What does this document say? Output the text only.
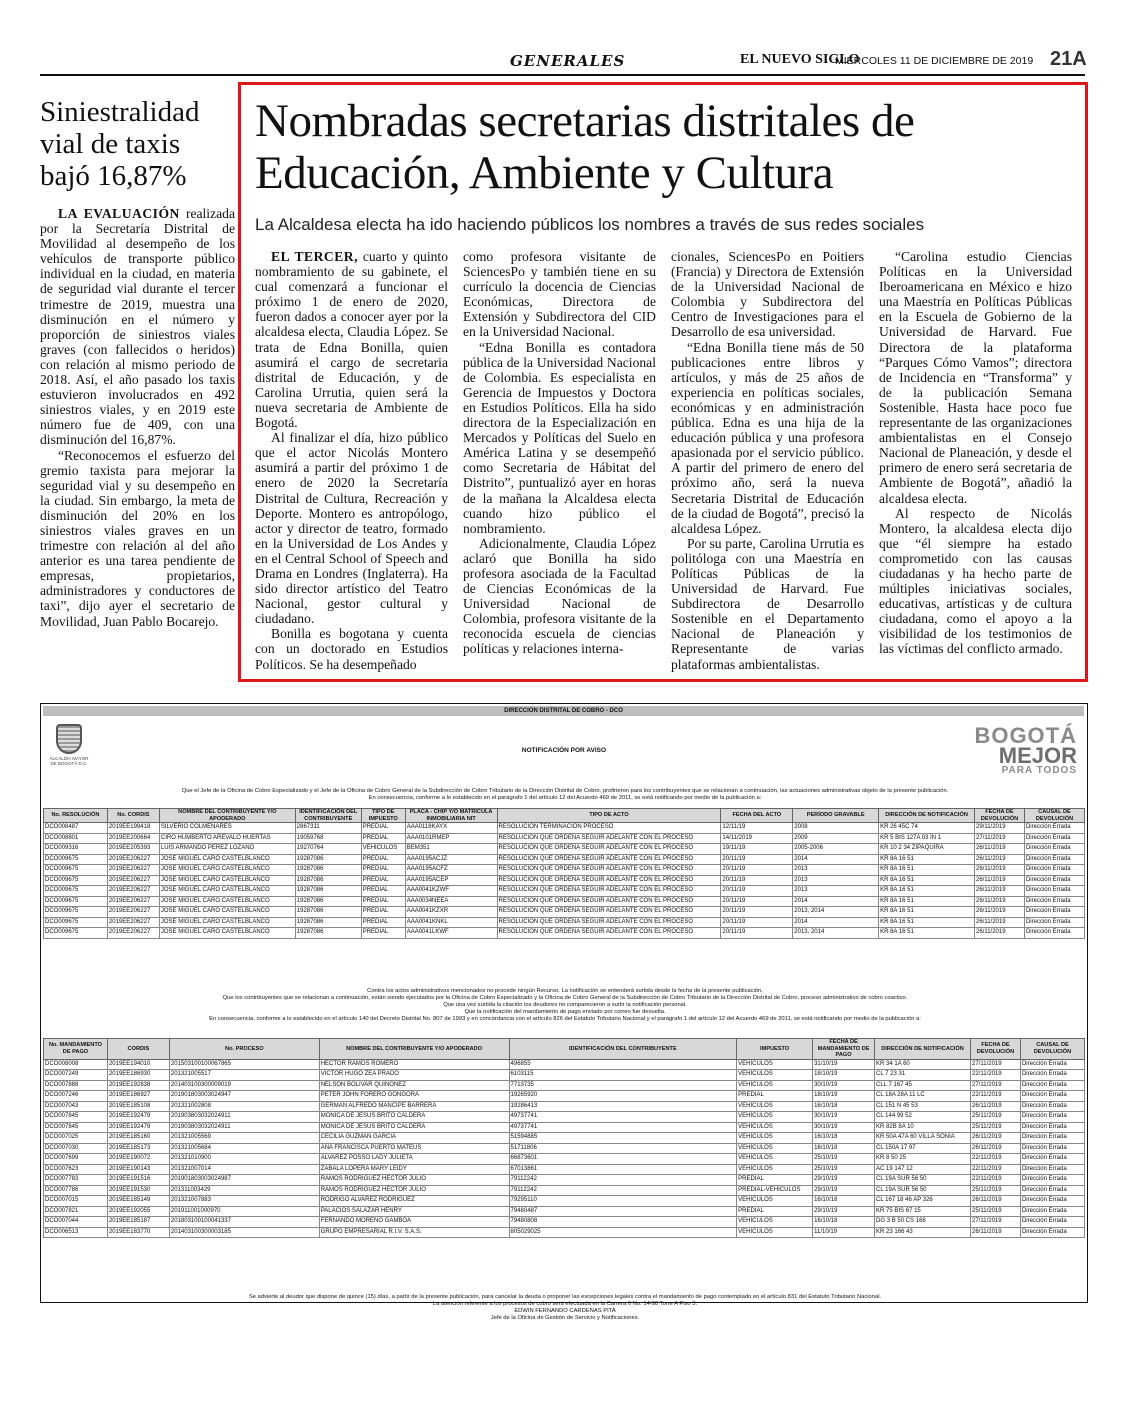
GENERALES	EL NUEVO SIGLO
MIÉRCOLES 11 DE DICIEMBRE DE 2019 21A
Siniestralidad vial de taxis bajó 16,87%

LA EVALUACIÓN realizada por la Secretaría Distrital de Movilidad al desempeño de los vehículos de transporte público individual en la ciudad, en materia de seguridad vial durante el tercer trimestre de 2019, muestra una disminución en el número y proporción de siniestros viales graves (con fallecidos o heridos) con relación al mismo periodo de 2018. Así, el año pasado los taxis estuvieron involucrados en 492 siniestros viales, y en 2019 este número fue de 409, con una disminución del 16,87%.

“Reconocemos el esfuerzo del gremio taxista para mejorar la seguridad vial y su desempeño en la ciudad. Sin embargo, la meta de disminución del 20% en los siniestros viales graves en un trimestre con relación al del año anterior es una tarea pendiente de empresas, propietarios, administradores y conductores de taxi”, dijo ayer el secretario de Movilidad, Juan Pablo Bocarejo.

Nombradas secretarias distritales de Educación, Ambiente y Cultura
La Alcaldesa electa ha ido haciendo públicos los nombres a través de sus redes sociales

EL TERCER, cuarto y quinto nombramiento de su gabinete, el cual comenzará a funcionar el próximo 1 de enero de 2020, fueron dados a conocer ayer por la alcaldesa electa, Claudia López. Se trata de Edna Bonilla, quien asumirá el cargo de secretaria distrital de Educación, y de Carolina Urrutia, quien será la nueva secretaria de Ambiente de Bogotá.

Al finalizar el día, hizo público que el actor Nicolás Montero asumirá a partir del próximo 1 de enero de 2020 la Secretaría Distrital de Cultura, Recreación y Deporte. Montero es antropólogo, actor y director de teatro, formado en la Universidad de Los Andes y en el Central School of Speech and Drama en Londres (Inglaterra). Ha sido director artístico del Teatro Nacional, gestor cultural y ciudadano.

Bonilla es bogotana y cuenta con un doctorado en Estudios Políticos. Se ha desempeñado

como profesora visitante de SciencesPo y también tiene en su currículo la docencia de Ciencias Económicas, Directora de Extensión y Subdirectora del CID en la Universidad Nacional.

“Edna Bonilla es contadora pública de la Universidad Nacional de Colombia. Es especialista en Gerencia de Impuestos y Doctora en Estudios Políticos. Ella ha sido directora de la Especialización en Mercados y Políticas del Suelo en América Latina y se desempeñó como Secretaria de Hábitat del Distrito”, puntualizó ayer en horas de la mañana la Alcaldesa electa cuando hizo público el nombramiento.

Adicionalmente, Claudia López aclaró que Bonilla ha sido profesora asociada de la Facultad de Ciencias Económicas de la Universidad Nacional de Colombia, profesora visitante de la reconocida escuela de ciencias políticas y relaciones interna-

cionales, SciencesPo en Poitiers (Francia) y Directora de Extensión de la Universidad Nacional de Colombia y Subdirectora del Centro de Investigaciones para el Desarrollo de esa universidad.

“Edna Bonilla tiene más de 50 publicaciones entre libros y artículos, y más de 25 años de experiencia en políticas sociales, económicas y en administración pública. Edna es una hija de la educación pública y una profesora apasionada por el servicio público. A partir del primero de enero del próximo año, será la nueva Secretaria Distrital de Educación de la ciudad de Bogotá”, precisó la alcaldesa López.

Por su parte, Carolina Urrutia es politóloga con una Maestría en Políticas Públicas de la Universidad de Harvard. Fue Subdirectora de Desarrollo Sostenible en el Departamento Nacional de Planeación y Representante de varias plataformas ambientalistas.

“Carolina estudio Ciencias Políticas en la Universidad Iberoamericana en México e hizo una Maestría en Políticas Públicas en la Escuela de Gobierno de la Universidad de Harvard. Fue Directora de la plataforma “Parques Cómo Vamos”; directora de Incidencia en “Transforma” y de la publicación Semana Sostenible. Hasta hace poco fue representante de las organizaciones ambientalistas en el Consejo Nacional de Planeación, y desde el primero de enero será secretaria de Ambiente de Bogotá”, añadió la alcaldesa electa.

Al respecto de Nicolás Montero, la alcaldesa electa dijo que “él siempre ha estado comprometido con las causas ciudadanas y ha hecho parte de múltiples iniciativas sociales, educativas, artísticas y de cultura ciudadana, como el apoyo a la visibilidad de los testimonios de las víctimas del conflicto armado.

DIRECCION DISTRITAL DE COBRO - DCO
ALCALDÍA MAYOR DE BOGOTÁ D.C.
NOTIFICACIÓN POR AVISO
BOGOTÁ
MEJOR
PARA TODOS
Que el Jefe de la Oficina de Cobro Especializado y el Jefe de la Oficina de Cobro General de la Subdirección de Cobro Tributario de la Dirección Distrital de Cobro, profirieron para los contribuyentes que se relacionan a continuación, las actuaciones administrativas objeto de la presente publicación.
En consecuencia, conforme a lo establecido en el parágrafo 1 del artículo 12 del Acuerdo 469 de 2011, se está notificando por medio de la publicación a:
No. RESOLUCIÓN	No. CORDIS	NOMBRE DEL CONTRIBUYENTE Y/O APODERADO	IDENTIFICACIÓN DEL CONTRIBUYENTE	TIPO DE IMPUESTO	PLACA - CHIP Y/O MATRICULA INMOBILIARIA NIT	TIPO DE ACTO	FECHA DEL ACTO	PERÍODO GRAVABLE	DIRECCIÓN DE NOTIFICACIÓN	FECHA DE DEVOLUCIÓN	CAUSAL DE DEVOLUCIÓN
DCO008487	2019EE199418	SILVERIO COLMENARES	2867311	PREDIAL	AAA0118KAYX	RESOLUCIÓN TERMINACIÓN PROCESO	12/11/19	2008	KR 26 45C 74	29/11/2019	Dirección Errada
DCO008801	2019EE200664	CIRO HUMBERTO AREVALO HUERTAS	19059768	PREDIAL	AAA0101RMEP	RESOLUCIÓN QUE ORDENA SEGUIR ADELANTE CON EL PROCESO	14/11/2019	2009	KR 5 BIS 127A 03 IN 1	27/11/2019	Dirección Errada
DCO009316	2019EE205393	LUIS ARMANDO PEREZ LOZANO	19270764	VEHÍCULOS	BEM351	RESOLUCIÓN QUE ORDENA SEGUIR ADELANTE CON EL PROCESO	19/11/19	2005-2006	KR 10 2 34 ZIPAQUIRA	26/11/2019	Dirección Errada
DCO009675	2019EE206227	JOSE MIGUEL CARO CASTELBLANCO	19287086	PREDIAL	AAA0195ACJZ	RESOLUCIÓN QUE ORDENA SEGUIR ADELANTE CON EL PROCESO	20/11/19	2014	KR 8A 16 51	26/11/2019	Dirección Errada
DCO009675	2019EE206227	JOSE MIGUEL CARO CASTELBLANCO	19287086	PREDIAL	AAA0195ACFZ	RESOLUCIÓN QUE ORDENA SEGUIR ADELANTE CON EL PROCESO	20/11/19	2013	KR 8A 16 51	26/11/2019	Dirección Errada
DCO009675	2019EE206227	JOSE MIGUEL CARO CASTELBLANCO	19287086	PREDIAL	AAA0195ACEP	RESOLUCIÓN QUE ORDENA SEGUIR ADELANTE CON EL PROCESO	20/11/19	2013	KR 8A 16 51	26/11/2019	Dirección Errada
DCO009675	2019EE206227	JOSE MIGUEL CARO CASTELBLANCO	19287086	PREDIAL	AAA0041KZWF	RESOLUCIÓN QUE ORDENA SEGUIR ADELANTE CON EL PROCESO	20/11/19	2013	KR 8A 16 51	26/11/2019	Dirección Errada
DCO009675	2019EE206227	JOSE MIGUEL CARO CASTELBLANCO	19287086	PREDIAL	AAA0034NEEA	RESOLUCIÓN QUE ORDENA SEGUIR ADELANTE CON EL PROCESO	20/11/19	2014	KR 8A 16 51	26/11/2019	Dirección Errada
DCO009675	2019EE206227	JOSE MIGUEL CARO CASTELBLANCO	19287086	PREDIAL	AAA0041KZXR	RESOLUCIÓN QUE ORDENA SEGUIR ADELANTE CON EL PROCESO	20/11/19	2013, 2014	KR 8A 16 51	26/11/2019	Dirección Errada
DCO009675	2019EE206227	JOSE MIGUEL CARO CASTELBLANCO	19287086	PREDIAL	AAA0041KNKL	RESOLUCIÓN QUE ORDENA SEGUIR ADELANTE CON EL PROCESO	20/11/19	2014	KR 8A 16 51	26/11/2019	Dirección Errada
DCO009675	2019EE206227	JOSE MIGUEL CARO CASTELBLANCO	19287086	PREDIAL	AAA0041LKWF	RESOLUCIÓN QUE ORDENA SEGUIR ADELANTE CON EL PROCESO	20/11/19	2013, 2014	KR 8A 16 51	26/11/2019	Dirección Errada
Contra los actos administrativos mencionados no procede ningún Recurso. La notificación se entenderá surtida desde la fecha de la presente publicación.
Que los contribuyentes que se relacionan a continuación, están siendo ejecutados por la Oficina de Cobro Especializado y la Oficina de Cobro General de la Subdirección de Cobro Tributario de la Dirección Distrital de Cobro, proceso administrativo de cobro coactivo.
Que una vez surtida la citación los deudores no comparecieron a surtir la notificación personal.
Que la notificación del mandamiento de pago enviado por correo fue devuelta.
En consecuencia, conforme a lo establecido en el artículo 140 del Decreto Distrital No. 807 de 1993 y en concordancia con el artículo 826 del Estatuto Tributario Nacional y el parágrafo 1 del artículo 12 del Acuerdo 469 de 2011, se está notificando por medio de la publicación a:
No. MANDAMIENTO DE PAGO	CORDIS	No. PROCESO	NOMBRE DEL CONTRIBUYENTE Y/O APODERADO	IDENTIFICACIÓN DEL CONTRIBUYENTE	IMPUESTO	FECHA DE MANDAMIENTO DE PAGO	DIRECCIÓN DE NOTIFICACIÓN	FECHA DE DEVOLUCIÓN	CAUSAL DE DEVOLUCIÓN
DCO008008	2019EE194010	201503100100067865	HECTOR RAMOS ROMERO	496855	VEHÍCULOS	31/10/19	KR 34 1A 60	27/11/2019	Dirección Errada
DCO007249	2019EE186930	201321005517	VICTOR HUGO ZEA PRADO	6103115	VEHÍCULOS	18/10/19	CL 7 23 31	22/11/2019	Dirección Errada
DCO007888	2019EE192838	201403100300009019	NELSON BOLIVAR QUIÑONEZ	7713735	VEHÍCULOS	30/10/19	CLL 7 167 45	27/11/2019	Dirección Errada
DCO007246	2019EE186927	201901803003024947	PETER JOHN FORERO GONGORA	19265920	PREDIAL	18/10/19	CL 18A 28A 11 LC	22/11/2019	Dirección Errada
DCO007043	2019EE185108	201321002808	GERMAN ALFREDO MANCIPE BARRERA	19286413	VEHÍCULOS	16/10/18	CL 151 N 45 53	26/11/2019	Dirección Errada
DCO007845	2019EE192479	201903803032024911	MONICA DE JESUS BRITO CALDERA	49737741	VEHÍCULOS	30/10/19	CL 144 99 52	25/11/2019	Dirección Errada
DCO007845	2019EE192479	201903803032024911	MONICA DE JESUS BRITO CALDERA	49737741	VEHÍCULOS	30/10/19	KR 82B 8A 10	25/11/2019	Dirección Errada
DCO007025	2019EE185160	201321005569	CECILIA GUZMAN GARCIA	51594885	VEHÍCULOS	16/10/18	KR 50A 47A 60 VILLA SONIA	26/11/2019	Dirección Errada
DCO007030	2019EE185173	201321005684	ANA FRANCISCA PUERTO MATEUS	51711806	VEHÍCULOS	16/10/18	CL 150A 17 97	26/11/2019	Dirección Errada
DCO007699	2019EE190072	201321010900	ALVAREZ POSSO LADY JULIETA	66873601	VEHÍCULOS	25/10/19	KR 8 50 25	22/11/2019	Dirección Errada
DCO007623	2019EE190143	201321007014	ZABALA LOPERA MARY LEIDY	67013861	VEHÍCULOS	25/10/19	AC 19 147 12	22/11/2019	Dirección Errada
DCO007783	2019EE191516	201901803003024987	RAMOS RODRIGUEZ HECTOR JULIO	79112242	PREDIAL	29/10/19	CL 19A SUR 56 50	22/11/2019	Dirección Errada
DCO007786	2019EE191530	201311003429	RAMOS RODRIGUEZ HECTOR JULIO	79112242	PREDIAL-VEHÍCULOS	29/10/19	CL 19A SUR 56 50	25/11/2019	Dirección Errada
DCO007015	2019EE185149	201321007883	RODRIGO ALVAREZ RODRIGUEZ	79295110	VEHÍCULOS	16/10/18	CL 167 18 46 AP 326	26/11/2019	Dirección Errada
DCO007821	2019EE192055	201911001000970	PALACIOS SALAZAR HENRY	79480487	PREDIAL	29/10/19	KR 75 BIS 67 15	25/11/2019	Dirección Errada
DCO007044	2019EE185187	201803100100041337	FERNANDO MORENO GAMBOA	79480808	VEHÍCULOS	16/10/18	DG 3 B 50 CS 168	27/11/2019	Dirección Errada
DCO006513	2019EE183770	201403100300003185	GRUPO EMPRESARIAL R.I.V. S.A.S.	805029025	VEHÍCULOS	11/10/19	KR 23 166 43	26/11/2019	Dirección Errada
Se advierte al deudor que dispone de quince (15) días, a partir de la presente publicación, para cancelar la deuda o proponer las excepciones legales contra el mandamiento de pago contemplado en el artículo 831 del Estatuto Tributario Nacional.
La atención referente a los procesos de cobro será efectuada en la Carrera 6 No. 14-98 Torre A Piso 3.
EDWIN FERNANDO CARDENAS PITA
Jefe de la Oficina de Gestión de Servicio y Notificaciones.
